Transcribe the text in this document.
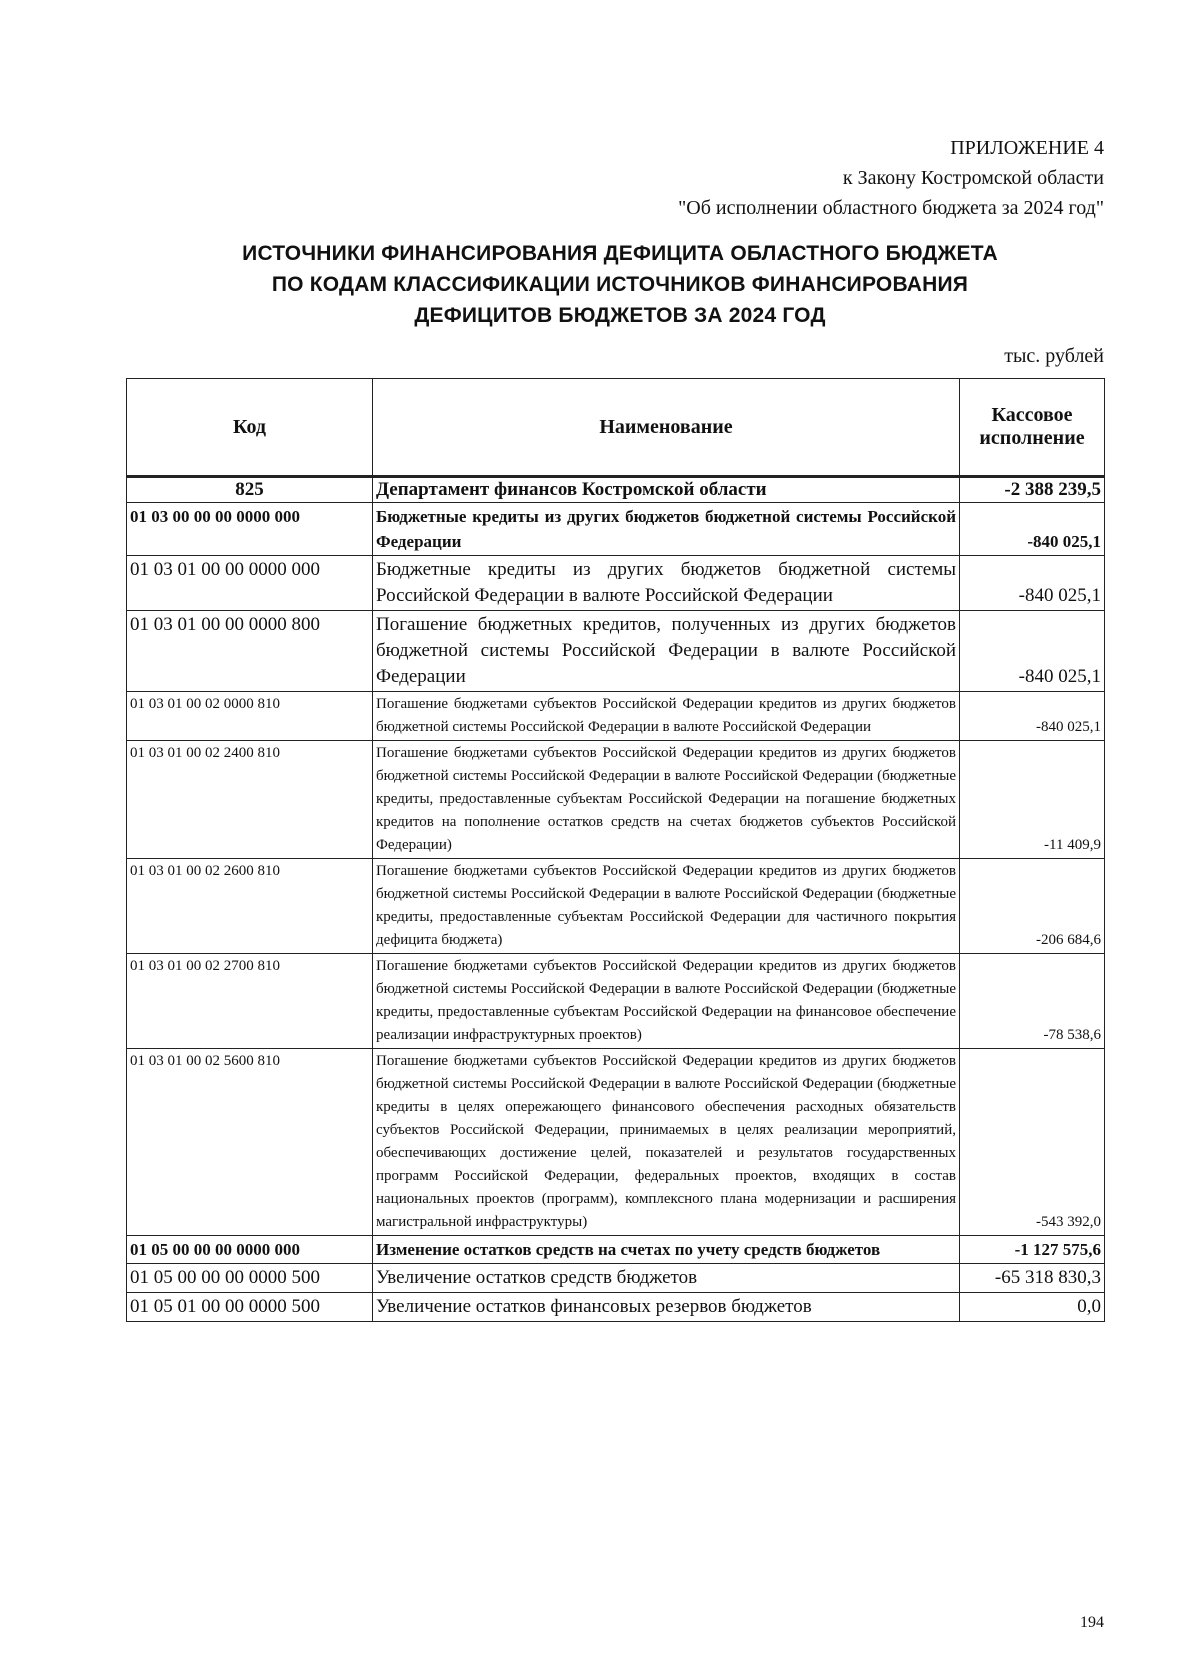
ПРИЛОЖЕНИЕ 4
к Закону Костромской области
"Об исполнении областного бюджета за 2024 год"
ИСТОЧНИКИ ФИНАНСИРОВАНИЯ ДЕФИЦИТА ОБЛАСТНОГО БЮДЖЕТА
ПО КОДАМ КЛАССИФИКАЦИИ ИСТОЧНИКОВ ФИНАНСИРОВАНИЯ
ДЕФИЦИТОВ БЮДЖЕТОВ ЗА 2024 ГОД
тыс. рублей
Код	Наименование	Кассовое исполнение
825	Департамент финансов Костромской области	-2 388 239,5
01 03 00 00 00 0000 000	Бюджетные кредиты из других бюджетов бюджетной системы Российской Федерации	-840 025,1
01 03 01 00 00 0000 000	Бюджетные кредиты из других бюджетов бюджетной системы Российской Федерации в валюте Российской Федерации	-840 025,1
01 03 01 00 00 0000 800	Погашение бюджетных кредитов, полученных из других бюджетов бюджетной системы Российской Федерации в валюте Российской Федерации	-840 025,1
01 03 01 00 02 0000 810	Погашение бюджетами субъектов Российской Федерации кредитов из других бюджетов бюджетной системы Российской Федерации в валюте Российской Федерации	-840 025,1
01 03 01 00 02 2400 810	Погашение бюджетами субъектов Российской Федерации кредитов из других бюджетов бюджетной системы Российской Федерации в валюте Российской Федерации (бюджетные кредиты, предоставленные субъектам Российской Федерации на погашение бюджетных кредитов на пополнение остатков средств на счетах бюджетов субъектов Российской Федерации)	-11 409,9
01 03 01 00 02 2600 810	Погашение бюджетами субъектов Российской Федерации кредитов из других бюджетов бюджетной системы Российской Федерации в валюте Российской Федерации (бюджетные кредиты, предоставленные субъектам Российской Федерации для частичного покрытия дефицита бюджета)	-206 684,6
01 03 01 00 02 2700 810	Погашение бюджетами субъектов Российской Федерации кредитов из других бюджетов бюджетной системы Российской Федерации в валюте Российской Федерации (бюджетные кредиты, предоставленные субъектам Российской Федерации на финансовое обеспечение реализации инфраструктурных проектов)	-78 538,6
01 03 01 00 02 5600 810	Погашение бюджетами субъектов Российской Федерации кредитов из других бюджетов бюджетной системы Российской Федерации в валюте Российской Федерации (бюджетные кредиты в целях опережающего финансового обеспечения расходных обязательств субъектов Российской Федерации, принимаемых в целях реализации мероприятий, обеспечивающих достижение целей, показателей и результатов государственных программ Российской Федерации, федеральных проектов, входящих в состав национальных проектов (программ), комплексного плана модернизации и расширения магистральной инфраструктуры)	-543 392,0
01 05 00 00 00 0000 000	Изменение остатков средств на счетах по учету средств бюджетов	-1 127 575,6
01 05 00 00 00 0000 500	Увеличение остатков средств бюджетов	-65 318 830,3
01 05 01 00 00 0000 500	Увеличение остатков финансовых резервов бюджетов	0,0
194
